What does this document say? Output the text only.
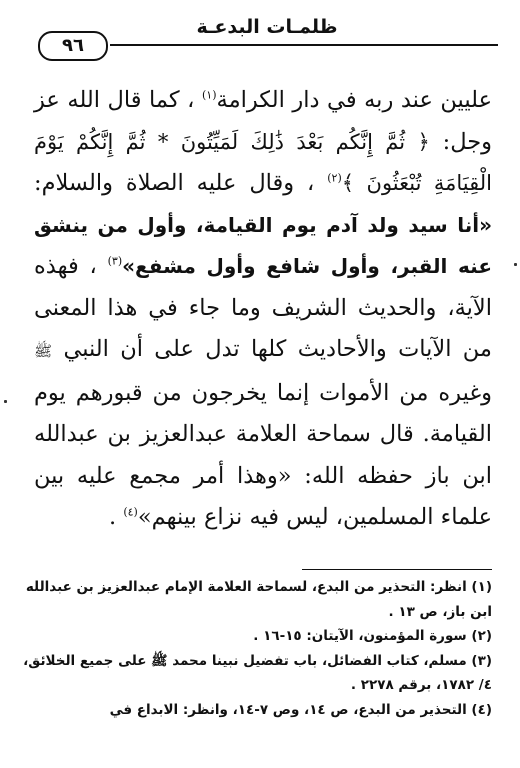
ظلمـات البدعـة
٩٦

عليين عند ربه في دار الكرامة$^{(١)}$ ، كما قال الله عز وجل: ﴿ ثُمَّ إِنَّكُم بَعْدَ ذَٰلِكَ لَمَيِّتُونَ * ثُمَّ إِنَّكُمْ يَوْمَ الْقِيَامَةِ تُبْعَثُونَ ﴾$^{(٢)}$ ، وقال عليه الصلاة والسلام: «أنا سيد ولد آدم يوم القيامة، وأول من ينشق عنه القبر، وأول شافع وأول مشفع»$^{(٣)}$ ، فهذه الآية، والحديث الشريف وما جاء في هذا المعنى من الآيات والأحاديث كلها تدل على أن النبي ﷺ وغيره من الأموات إنما يخرجون من قبورهم يوم القيامة. قال سماحة العلامة عبدالعزيز بن عبدالله ابن باز حفظه الله: «وهذا أمر مجمع عليه بين علماء المسلمين، ليس فيه نزاع بينهم»$^{(٤)}$ .

(١) انظر: التحذير من البدع، لسماحة العلامة الإمام عبدالعزيز بن عبدالله ابن باز، ص ١٣ .

(٢) سورة المؤمنون، الآيتان: ١٥-١٦ .

(٣) مسلم، كتاب الفضائل، باب تفضيل نبينا محمد ﷺ على جميع الخلائق، ٤/ ١٧٨٢، برقم ٢٢٧٨ .

(٤) التحذير من البدع، ص ١٤، وص ٧-١٤، وانظر: الابداع في
